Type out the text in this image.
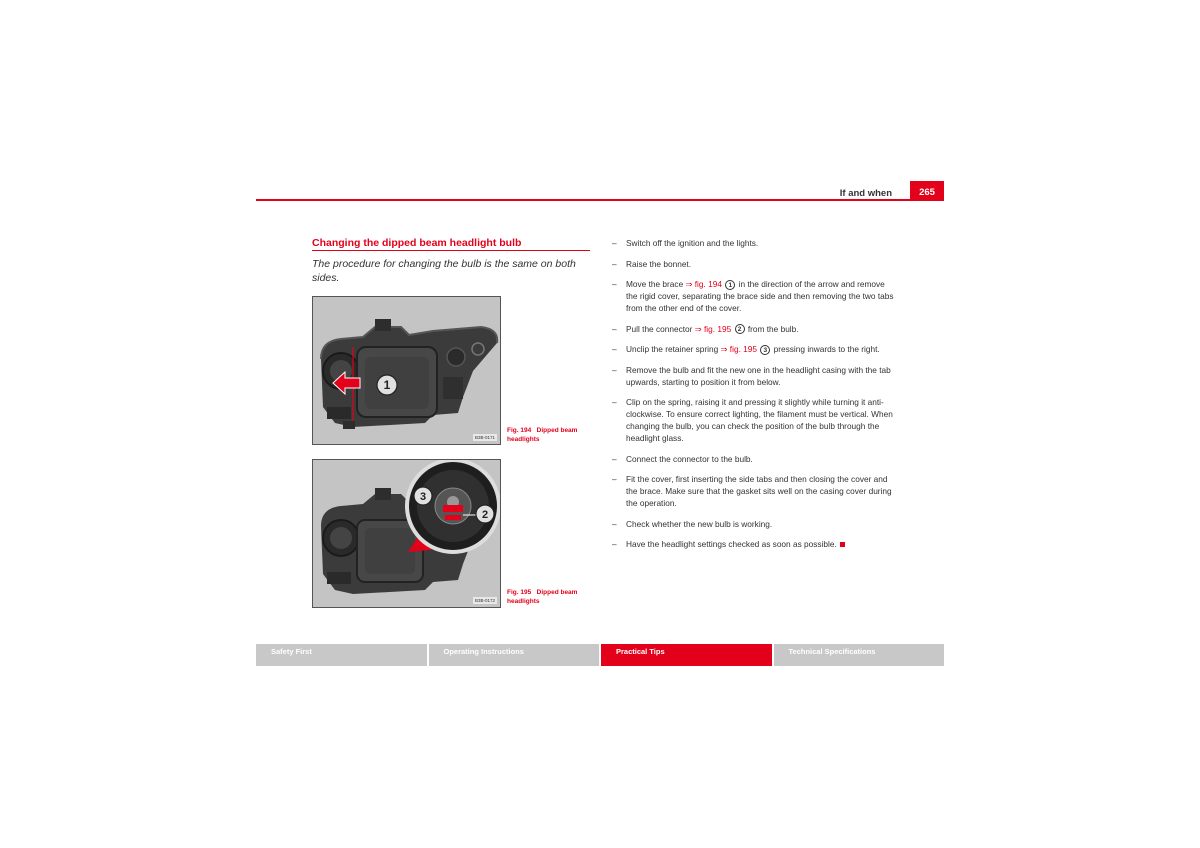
If and when	265
Changing the dipped beam headlight bulb
The procedure for changing the bulb is the same on both sides.
1
B3B-0171
Fig. 194 Dipped beam headlights
3
2
B3B-0172
Fig. 195 Dipped beam headlights
– Switch off the ignition and the lights.
– Raise the bonnet.
– Move the brace ⇒ fig. 194 1 in the direction of the arrow and remove the rigid cover, separating the brace side and then removing the two tabs from the other end of the cover.
– Pull the connector ⇒ fig. 195 2 from the bulb.
– Unclip the retainer spring ⇒ fig. 195 3 pressing inwards to the right.
– Remove the bulb and fit the new one in the headlight casing with the tab upwards, starting to position it from below.
– Clip on the spring, raising it and pressing it slightly while turning it anti-clockwise. To ensure correct lighting, the filament must be vertical. When changing the bulb, you can check the position of the bulb through the headlight glass.
– Connect the connector to the bulb.
– Fit the cover, first inserting the side tabs and then closing the cover and the brace. Make sure that the gasket sits well on the casing cover during the operation.
– Check whether the new bulb is working.
– Have the headlight settings checked as soon as possible.
Safety First	Operating Instructions	Practical Tips	Technical Specifications
